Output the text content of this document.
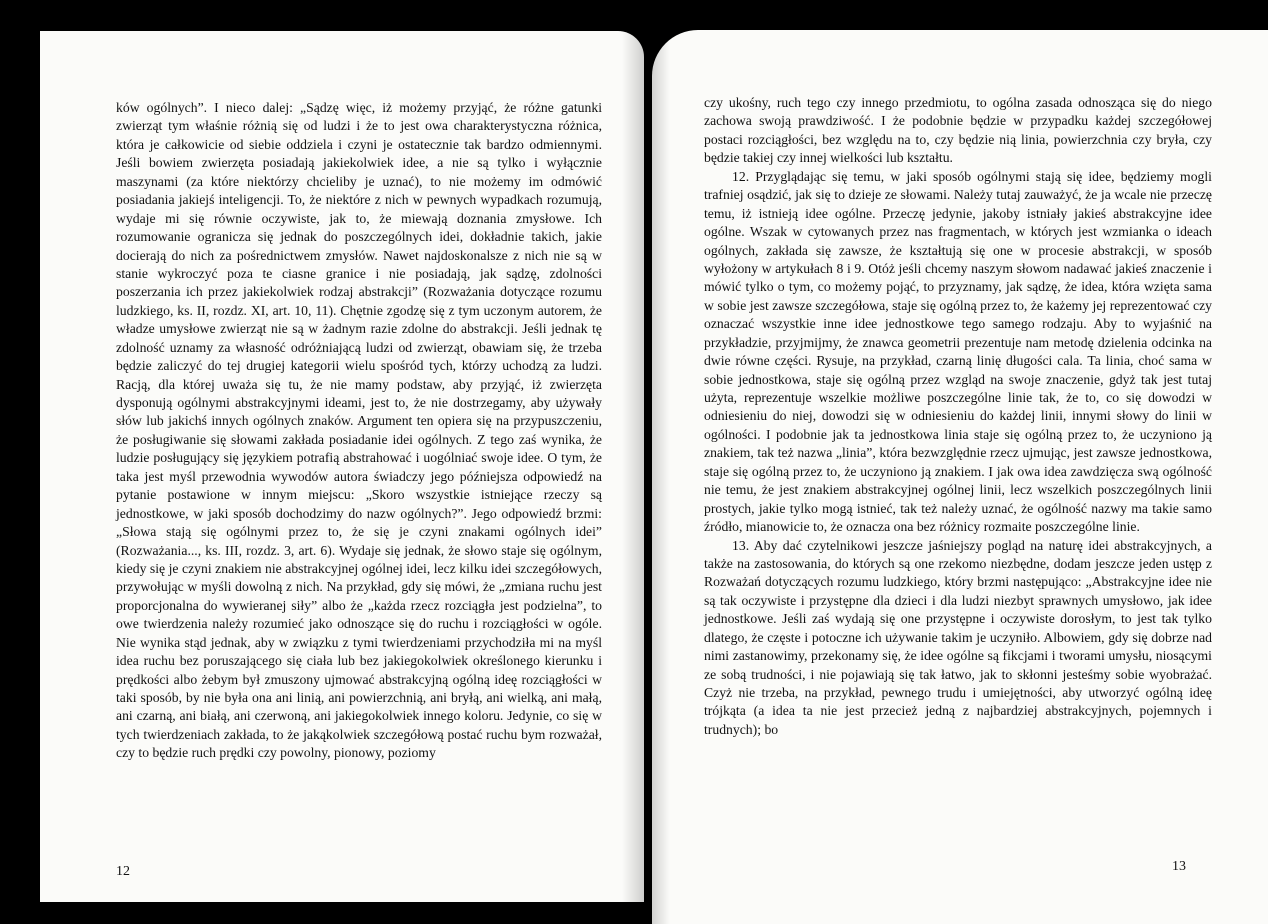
ków ogólnych”. I nieco dalej: „Sądzę więc, iż możemy przyjąć, że różne gatunki zwierząt tym właśnie różnią się od ludzi i że to jest owa charakterystyczna różnica, która je całkowicie od siebie oddziela i czyni je ostatecznie tak bardzo odmiennymi. Jeśli bowiem zwierzęta posiadają jakiekolwiek idee, a nie są tylko i wyłącznie maszynami (za które niektórzy chcieliby je uznać), to nie możemy im odmówić posiadania jakiejś inteligencji. To, że niektóre z nich w pewnych wypadkach rozumują, wydaje mi się równie oczywiste, jak to, że miewają doznania zmysłowe. Ich rozumowanie ogranicza się jednak do poszczególnych idei, dokładnie takich, jakie docierają do nich za pośrednictwem zmysłów. Nawet najdoskonalsze z nich nie są w stanie wykroczyć poza te ciasne granice i nie posiadają, jak sądzę, zdolności poszerzania ich przez jakiekolwiek rodzaj abstrakcji” (Rozważania dotyczące rozumu ludzkiego, ks. II, rozdz. XI, art. 10, 11). Chętnie zgodzę się z tym uczonym autorem, że władze umysłowe zwierząt nie są w żadnym razie zdolne do abstrakcji. Jeśli jednak tę zdolność uznamy za własność odróżniającą ludzi od zwierząt, obawiam się, że trzeba będzie zaliczyć do tej drugiej kategorii wielu spośród tych, którzy uchodzą za ludzi. Racją, dla której uważa się tu, że nie mamy podstaw, aby przyjąć, iż zwierzęta dysponują ogólnymi abstrakcyjnymi ideami, jest to, że nie dostrzegamy, aby używały słów lub jakichś innych ogólnych znaków. Argument ten opiera się na przypuszczeniu, że posługiwanie się słowami zakłada posiadanie idei ogólnych. Z tego zaś wynika, że ludzie posługujący się językiem potrafią abstrahować i uogólniać swoje idee. O tym, że taka jest myśl przewodnia wywodów autora świadczy jego późniejsza odpowiedź na pytanie postawione w innym miejscu: „Skoro wszystkie istniejące rzeczy są jednostkowe, w jaki sposób dochodzimy do nazw ogólnych?”. Jego odpowiedź brzmi: „Słowa stają się ogólnymi przez to, że się je czyni znakami ogólnych idei” (Rozważania..., ks. III, rozdz. 3, art. 6). Wydaje się jednak, że słowo staje się ogólnym, kiedy się je czyni znakiem nie abstrakcyjnej ogólnej idei, lecz kilku idei szczegółowych, przywołując w myśli dowolną z nich. Na przykład, gdy się mówi, że „zmiana ruchu jest proporcjonalna do wywieranej siły” albo że „każda rzecz rozciągła jest podzielna”, to owe twierdzenia należy rozumieć jako odnoszące się do ruchu i rozciągłości w ogóle. Nie wynika stąd jednak, aby w związku z tymi twierdzeniami przychodziła mi na myśl idea ruchu bez poruszającego się ciała lub bez jakiegokolwiek określonego kierunku i prędkości albo żebym był zmuszony ujmować abstrakcyjną ogólną ideę rozciągłości w taki sposób, by nie była ona ani linią, ani powierzchnią, ani bryłą, ani wielką, ani małą, ani czarną, ani białą, ani czerwoną, ani jakiegokolwiek innego koloru. Jedynie, co się w tych twierdzeniach zakłada, to że jakąkolwiek szczegółową postać ruchu bym rozważał, czy to będzie ruch prędki czy powolny, pionowy, poziomy

12

czy ukośny, ruch tego czy innego przedmiotu, to ogólna zasada odnosząca się do niego zachowa swoją prawdziwość. I że podobnie będzie w przypadku każdej szczegółowej postaci rozciągłości, bez względu na to, czy będzie nią linia, powierzchnia czy bryła, czy będzie takiej czy innej wielkości lub kształtu.

12. Przyglądając się temu, w jaki sposób ogólnymi stają się idee, będziemy mogli trafniej osądzić, jak się to dzieje ze słowami. Należy tutaj zauważyć, że ja wcale nie przeczę temu, iż istnieją idee ogólne. Przeczę jedynie, jakoby istniały jakieś abstrakcyjne idee ogólne. Wszak w cytowanych przez nas fragmentach, w których jest wzmianka o ideach ogólnych, zakłada się zawsze, że kształtują się one w procesie abstrakcji, w sposób wyłożony w artykułach 8 i 9. Otóż jeśli chcemy naszym słowom nadawać jakieś znaczenie i mówić tylko o tym, co możemy pojąć, to przyznamy, jak sądzę, że idea, która wzięta sama w sobie jest zawsze szczegółowa, staje się ogólną przez to, że każemy jej reprezentować czy oznaczać wszystkie inne idee jednostkowe tego samego rodzaju. Aby to wyjaśnić na przykładzie, przyjmijmy, że znawca geometrii prezentuje nam metodę dzielenia odcinka na dwie równe części. Rysuje, na przykład, czarną linię długości cala. Ta linia, choć sama w sobie jednostkowa, staje się ogólną przez wzgląd na swoje znaczenie, gdyż tak jest tutaj użyta, reprezentuje wszelkie możliwe poszczególne linie tak, że to, co się dowodzi w odniesieniu do niej, dowodzi się w odniesieniu do każdej linii, innymi słowy do linii w ogólności. I podobnie jak ta jednostkowa linia staje się ogólną przez to, że uczyniono ją znakiem, tak też nazwa „linia”, która bezwzględnie rzecz ujmując, jest zawsze jednostkowa, staje się ogólną przez to, że uczyniono ją znakiem. I jak owa idea zawdzięcza swą ogólność nie temu, że jest znakiem abstrakcyjnej ogólnej linii, lecz wszelkich poszczególnych linii prostych, jakie tylko mogą istnieć, tak też należy uznać, że ogólność nazwy ma takie samo źródło, mianowicie to, że oznacza ona bez różnicy rozmaite poszczególne linie.

13. Aby dać czytelnikowi jeszcze jaśniejszy pogląd na naturę idei abstrakcyjnych, a także na zastosowania, do których są one rzekomo niezbędne, dodam jeszcze jeden ustęp z Rozważań dotyczących rozumu ludzkiego, który brzmi następująco: „Abstrakcyjne idee nie są tak oczywiste i przystępne dla dzieci i dla ludzi niezbyt sprawnych umysłowo, jak idee jednostkowe. Jeśli zaś wydają się one przystępne i oczywiste dorosłym, to jest tak tylko dlatego, że częste i potoczne ich używanie takim je uczyniło. Albowiem, gdy się dobrze nad nimi zastanowimy, przekonamy się, że idee ogólne są fikcjami i tworami umysłu, niosącymi ze sobą trudności, i nie pojawiają się tak łatwo, jak to skłonni jesteśmy sobie wyobrażać. Czyż nie trzeba, na przykład, pewnego trudu i umiejętności, aby utworzyć ogólną ideę trójkąta (a idea ta nie jest przecież jedną z najbardziej abstrakcyjnych, pojemnych i trudnych); bo

13
